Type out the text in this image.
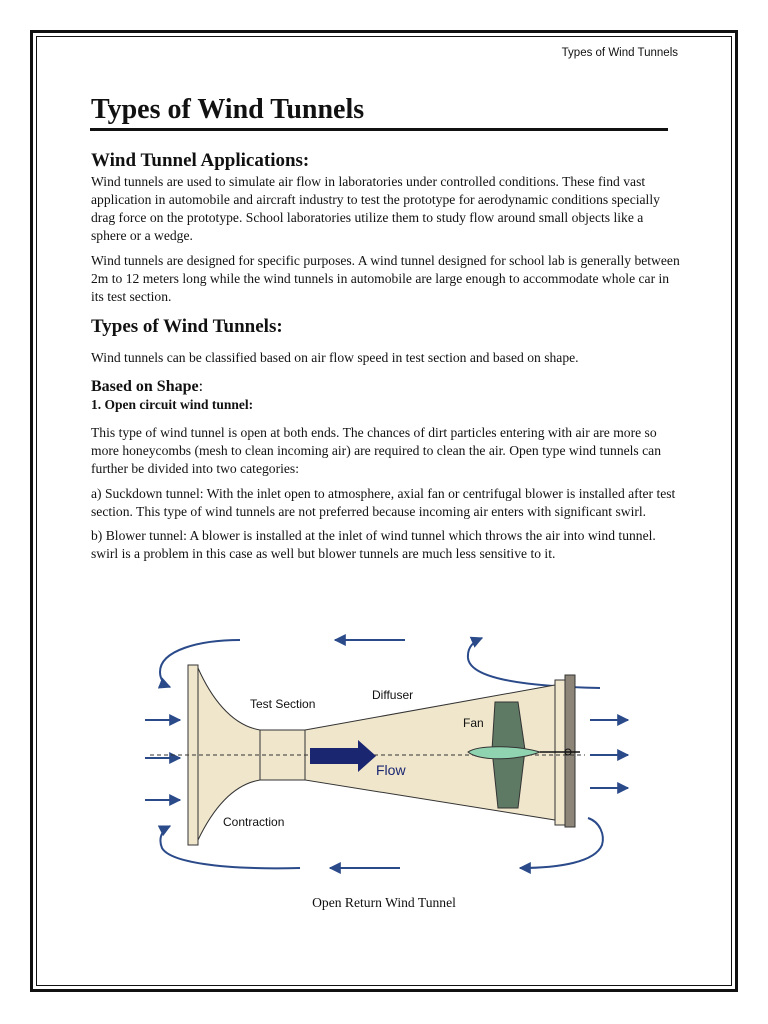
Types of Wind Tunnels
Types of Wind Tunnels
Wind Tunnel Applications:

Wind tunnels are used to simulate air flow in laboratories under controlled conditions. These find vast application in automobile and aircraft industry to test the prototype for aerodynamic conditions specially drag force on the prototype. School laboratories utilize them to study flow around small objects like a sphere or a wedge.

Wind tunnels are designed for specific purposes. A wind tunnel designed for school lab is generally between 2m to 12 meters long while the wind tunnels in automobile are large enough to accommodate whole car in its test section.

Types of Wind Tunnels:

Wind tunnels can be classified based on air flow speed in test section and based on shape.

Based on Shape:
1. Open circuit wind tunnel:

This type of wind tunnel is open at both ends. The chances of dirt particles entering with air are more so more honeycombs (mesh to clean incoming air) are required to clean the air. Open type wind tunnels can further be divided into two categories:

a) Suckdown tunnel: With the inlet open to atmosphere, axial fan or centrifugal blower is installed after test section. This type of wind tunnels are not preferred because incoming air enters with significant swirl.

b) Blower tunnel: A blower is installed at the inlet of wind tunnel which throws the air into wind tunnel. swirl is a problem in this case as well but blower tunnels are much less sensitive to it.

Test Section
Diffuser
Fan
Flow
Contraction
Open Return Wind Tunnel
